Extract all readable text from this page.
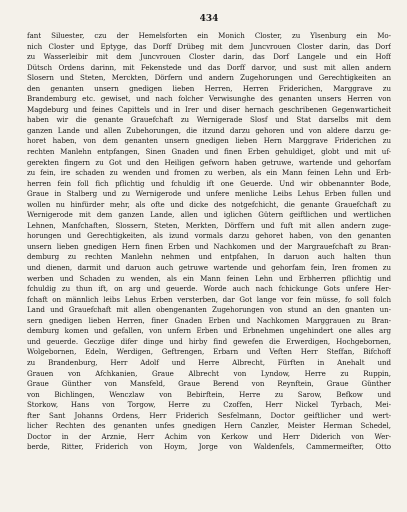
434
fant Siluester, czu der Hemelsforten ein Monich Closter, zu Ylsenburg ein Mo-
nich Closter und Eptyge, das Dorff Drübeg mit dem Juncvrouen Closter darin, das Dorf
zu Wasserleibir mit dem Juncvrouen Closter darin, das Dorf Langele und ein Hoff
Dütsch Ordens darinn, mit Fekenstede und das Dorff darvor, und sust mit allen andern
Slosern und Steten, Merckten, Dörfern und andern Zugehorungen und Gerechtigkeiten an
den genanten unsern gnedigen lieben Herren, Herren Friderichen, Marggrave zu
Brandemburg etc. gewiset, und nach folcher Verwisunghe des genanten unsers Herren von
Magdeburg und feines Capittels und in Irer und diser hernach geschribenen Gegenwarticheit
haben wir die genante Grauefchaft zu Wernigerade Slosf und Stat darselbs mit dem
ganzen Lande und allen Zubehorungen, die itzund darzu gehoren und von aldere darzu ge-
horet haben, von dem genanten unsern gnedigen lieben Hern Marggrave Friderichen zu
rechten Manlehn entpfangen, Sinen Gnaden und finen Erben gehuldiget, globt und mit uf-
gerekten fingern zu Got und den Heiligen gefworn haben getruwe, wartende und gehorfam
zu fein, ire schaden zu wenden und fromen zu werben, als ein Mann feinen Lehn und Erb-
herren fein foll fich pflichtig und fchuldig ift one Geuerde. Und wir obbenannter Bode,
Graue in Stalberg und zu Wernigerode und unfere menliche Leibs Lehus Erben fullen und
wollen nu hinfürder mehr, als ofte und dicke des notgefchicht, die genante Grauefchaft zu
Wernigerode mit dem ganzen Lande, allen und iglichen Gütern geiftlichen und wertlichen
Lehnen, Manfchaften, Slossern, Steten, Merkten, Dörffern und fuft mit allen andern zuge-
horungen und Gerechtigkeiten, als izund vormals darzu gehoret haben, von den genanten
unsern lieben gnedigen Hern finen Erben und Nachkomen und der Margrauefchaft zu Bran-
demburg zu rechten Manlehn nehmen und entpfahen, In daruon auch halten thun
und dienen, darmit und daruon auch getruwe wartende und gehorfam fein, Iren fromen zu
werben und Schaden zu wenden, als ein Mann feinen Lehn und Erbherren pflichtig und
fchuldig zu thun ift, on arg und geuerde. Worde auch nach fchickunge Gots unfere Her-
fchaft on männlich leibs Lehus Erben versterben, dar Got lange vor fein müsse, fo soll folch
Land und Grauefchaft mit allen obengenanten Zugehorungen von stund an den gnanten un-
sern gnedigen lieben Herren, finer Gnaden Erben und Nachkomen Marggrauen zu Bran-
demburg komen und gefallen, von unfern Erben und Erbnehmen ungehindert one alles arg
und geuerde. Geczüge difer dinge und hirby find gewefen die Erwerdigen, Hochgebornen,
Wolgebornen, Edeln, Werdigen, Geftrengen, Erbarn und Veften Herr Steffan, Bifchoff
zu Brandenburg, Herr Adolf und Herre Albrecht, Fürften in Anehalt und
Grauen von Afchkanien, Graue Albrecht von Lyndow, Herre zu Ruppin,
Graue Günther von Mansfeld, Graue Berend von Reynftein, Graue Günther
von Bichlingen, Wenczlaw von Bebirftein, Herre zu Sarow, Befkow und
Storkow, Hans von Torgow, Herre zu Czoffen, Herr Nickel Tyrbach, Mei-
fter Sant Johanns Ordens, Herr Friderich Sesfelmann, Doctor geiftlicher und wert-
licher Rechten des genanten unfes gnedigen Hern Canzler, Meister Herman Schedel,
Doctor in der Arznie, Herr Achim von Kerkow und Herr Diderich von Wer-
berde, Ritter, Friderich von Hoym, Jorge von Waldenfels, Cammermeifter, Otto
